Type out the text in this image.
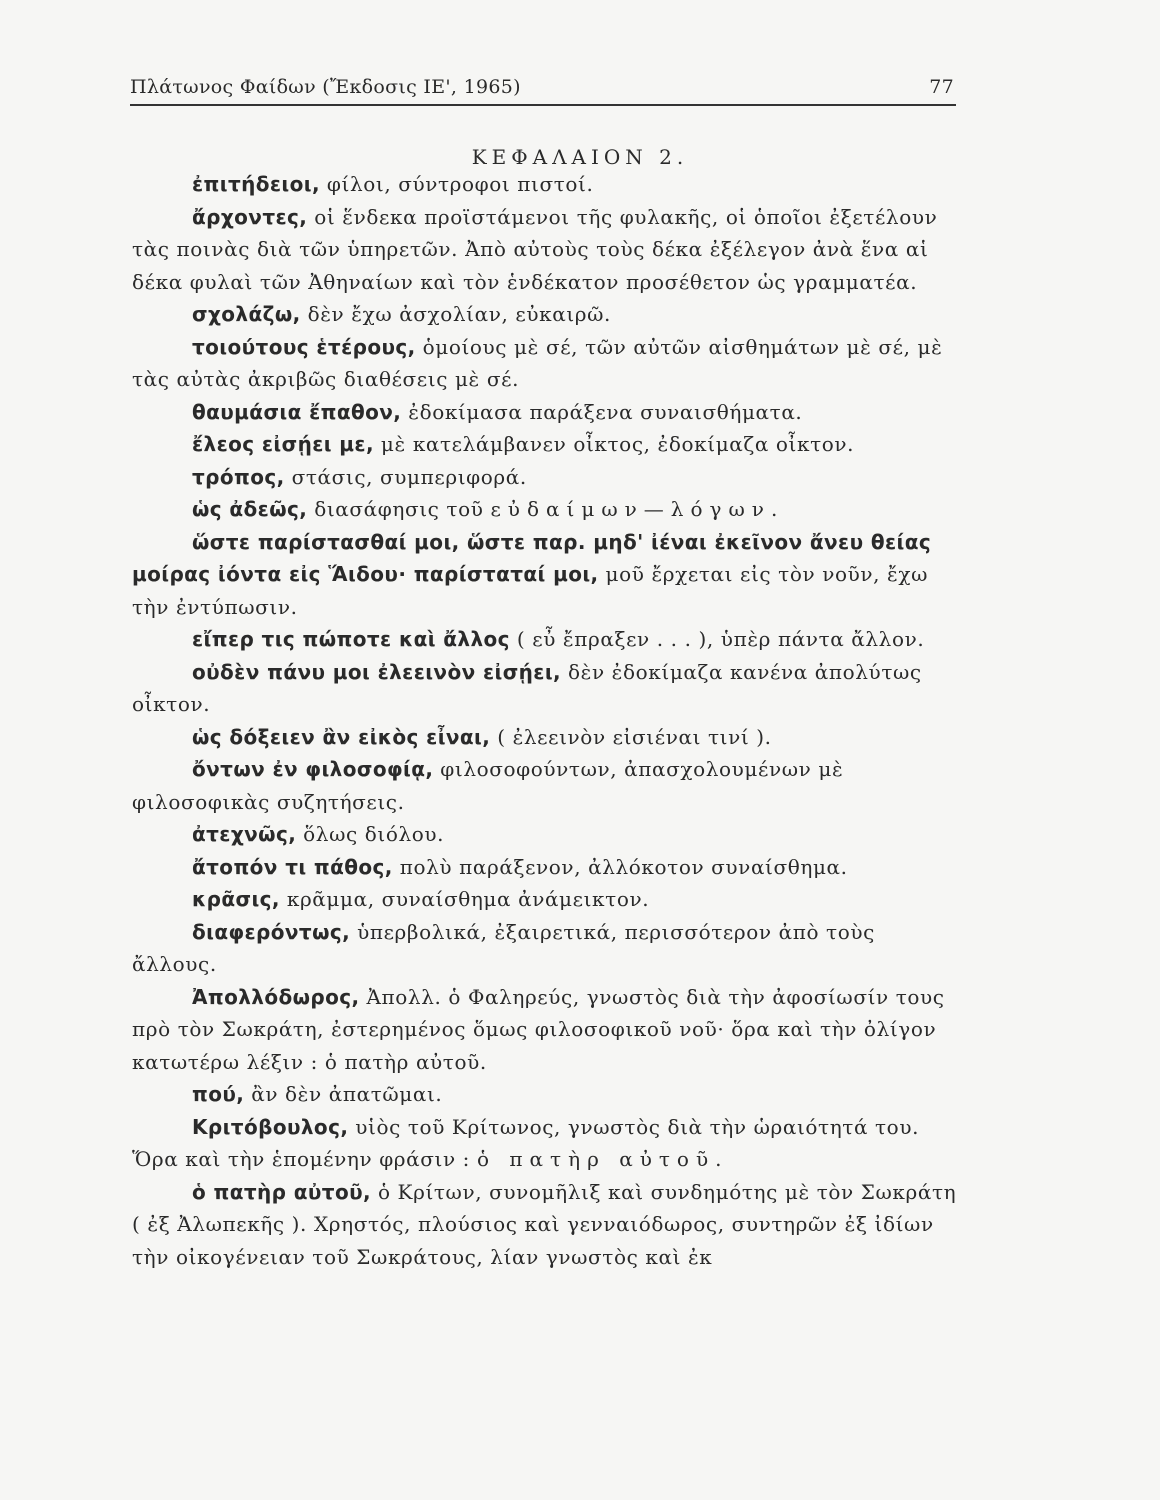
Πλάτωνος Φαίδων (Ἔκδοσις ΙΕ', 1965)	77
ΚΕΦΑΛΑΙΟΝ 2.

ἐπιτήδειοι, φίλοι, σύντροφοι πιστοί.

ἄρχοντες, οἱ ἕνδεκα προϊστάμενοι τῆς φυλακῆς, οἱ ὁποῖοι ἐξετέλουν τὰς ποινὰς διὰ τῶν ὑπηρετῶν. Ἀπὸ αὐτοὺς τοὺς δέκα ἐξέλεγον ἀνὰ ἕνα αἱ δέκα φυλαὶ τῶν Ἀθηναίων καὶ τὸν ἑνδέκατον προσέθετον ὡς γραμματέα.

σχολάζω, δὲν ἔχω ἀσχολίαν, εὐκαιρῶ.

τοιούτους ἑτέρους, ὁμοίους μὲ σέ, τῶν αὐτῶν αἰσθημάτων μὲ σέ, μὲ τὰς αὐτὰς ἀκριβῶς διαθέσεις μὲ σέ.

θαυμάσια ἔπαθον, ἐδοκίμασα παράξενα συναισθήματα.

ἔλεος εἰσῄει με, μὲ κατελάμβανεν οἶκτος, ἐδοκίμαζα οἶκτον.

τρόπος, στάσις, συμπεριφορά.

ὡς ἀδεῶς, διασάφησις τοῦ εὐδαίμων—λόγων.

ὥστε παρίστασθαί μοι, ὥστε παρ. μηδ' ἰέναι ἐκεῖνον ἄνευ θείας μοίρας ἰόντα εἰς Ἅιδου· παρίσταταί μοι, μοῦ ἔρχεται εἰς τὸν νοῦν, ἔχω τὴν ἐντύπωσιν.

εἴπερ τις πώποτε καὶ ἄλλος ( εὖ ἔπραξεν . . . ), ὑπὲρ πάντα ἄλλον.

οὐδὲν πάνυ μοι ἐλεεινὸν εἰσῄει, δὲν ἐδοκίμαζα κανένα ἀπολύτως οἶκτον.

ὡς δόξειεν ἂν εἰκὸς εἶναι, ( ἐλεεινὸν εἰσιέναι τινί ).

ὄντων ἐν φιλοσοφίᾳ, φιλοσοφούντων, ἀπασχολουμένων μὲ φιλοσοφικὰς συζητήσεις.

ἀτεχνῶς, ὅλως διόλου.

ἄτοπόν τι πάθος, πολὺ παράξενον, ἀλλόκοτον συναίσθημα.

κρᾶσις, κρᾶμμα, συναίσθημα ἀνάμεικτον.

διαφερόντως, ὑπερβολικά, ἐξαιρετικά, περισσότερον ἀπὸ τοὺς ἄλλους.

Ἀπολλόδωρος, Ἀπολλ. ὁ Φαληρεύς, γνωστὸς διὰ τὴν ἀφοσίωσίν τους πρὸ τὸν Σωκράτη, ἐστερημένος ὅμως φιλοσοφικοῦ νοῦ· ὅρα καὶ τὴν ὀλίγον κατωτέρω λέξιν : ὁ πατὴρ αὐτοῦ.

πού, ἂν δὲν ἀπατῶμαι.

Κριτόβουλος, υἱὸς τοῦ Κρίτωνος, γνωστὸς διὰ τὴν ὡραιότητά του. Ὅρα καὶ τὴν ἑπομένην φράσιν : ὁ πατὴρ αὐτοῦ.

ὁ πατὴρ αὐτοῦ, ὁ Κρίτων, συνομῆλιξ καὶ συνδημότης μὲ τὸν Σωκράτη ( ἐξ Ἀλωπεκῆς ). Χρηστός, πλούσιος καὶ γενναιόδωρος, συντηρῶν ἐξ ἰδίων τὴν οἰκογένειαν τοῦ Σωκράτους, λίαν γνωστὸς καὶ ἐκ
